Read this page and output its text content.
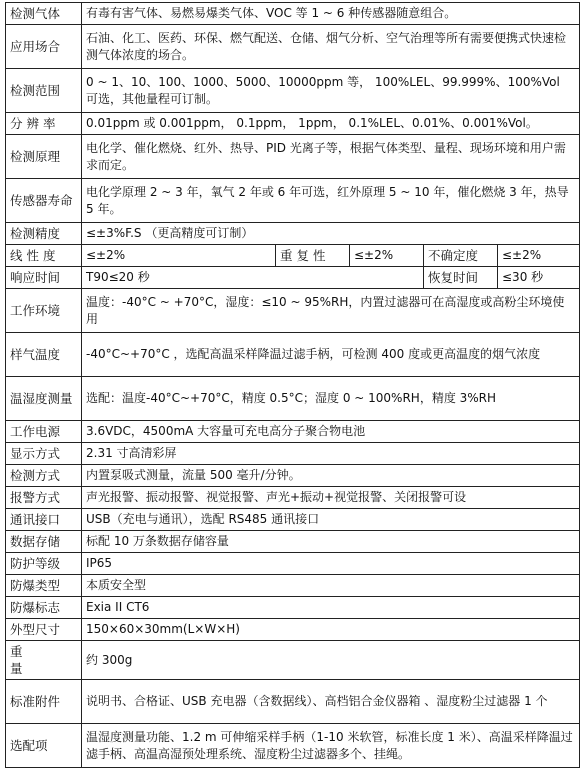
检测气体	有毒有害气体、易燃易爆类气体、VOC 等 1 ~ 6 种传感器随意组合。				
应用场合	石油、化工、医药、环保、燃气配送、仓储、烟气分析、空气治理等所有需要便携式快速检测气体浓度的场合。				
检测范围	0 ~ 1、10、100、1000、5000、10000ppm 等， 100%LEL、99.999%、100%Vol 可选，其他量程可订制。				
分 辨 率	0.01ppm 或 0.001ppm， 0.1ppm， 1ppm， 0.1%LEL、0.01%、0.001%Vol。				
检测原理	电化学、催化燃烧、红外、热导、PID 光离子等，根据气体类型、量程、现场环境和用户需求而定。				
传感器寿命	电化学原理 2 ~ 3 年，氧气 2 年或 6 年可选，红外原理 5 ~ 10 年，催化燃烧 3 年，热导 5 年。				
检测精度	≤±3%F.S （更高精度可订制）				
线 性 度	≤±2%	重 复 性	≤±2%	不确定度	≤±2%
响应时间	T90≤20 秒			恢复时间	≤30 秒
工作环境	温度：-40°C ~ +70°C，湿度：≤10 ~ 95%RH，内置过滤器可在高湿度或高粉尘环境使用				
样气温度	-40°C~+70°C ，选配高温采样降温过滤手柄，可检测 400 度或更高温度的烟气浓度				
温湿度测量	选配：温度-40°C~+70°C，精度 0.5°C；湿度 0 ~ 100%RH，精度 3%RH				
工作电源	3.6VDC，4500mA 大容量可充电高分子聚合物电池				
显示方式	2.31 寸高清彩屏				
检测方式	内置泵吸式测量，流量 500 毫升/分钟。				
报警方式	声光报警、振动报警、视觉报警、声光+振动+视觉报警、关闭报警可设				
通讯接口	USB（充电与通讯），选配 RS485 通讯接口				
数据存储	标配 10 万条数据存储容量				
防护等级	IP65				
防爆类型	本质安全型				
防爆标志	Exia II CT6				
外型尺寸	150×60×30mm(L×W×H)				
重　量	约 300g				
标准附件	说明书、合格证、USB 充电器（含数据线）、高档铝合金仪器箱 、湿度粉尘过滤器 1 个				
选配项	温湿度测量功能、1.2 m 可伸缩采样手柄（1-10 米软管，标准长度 1 米）、高温采样降温过滤手柄、高温高湿预处理系统、湿度粉尘过滤器多个、挂绳。				
